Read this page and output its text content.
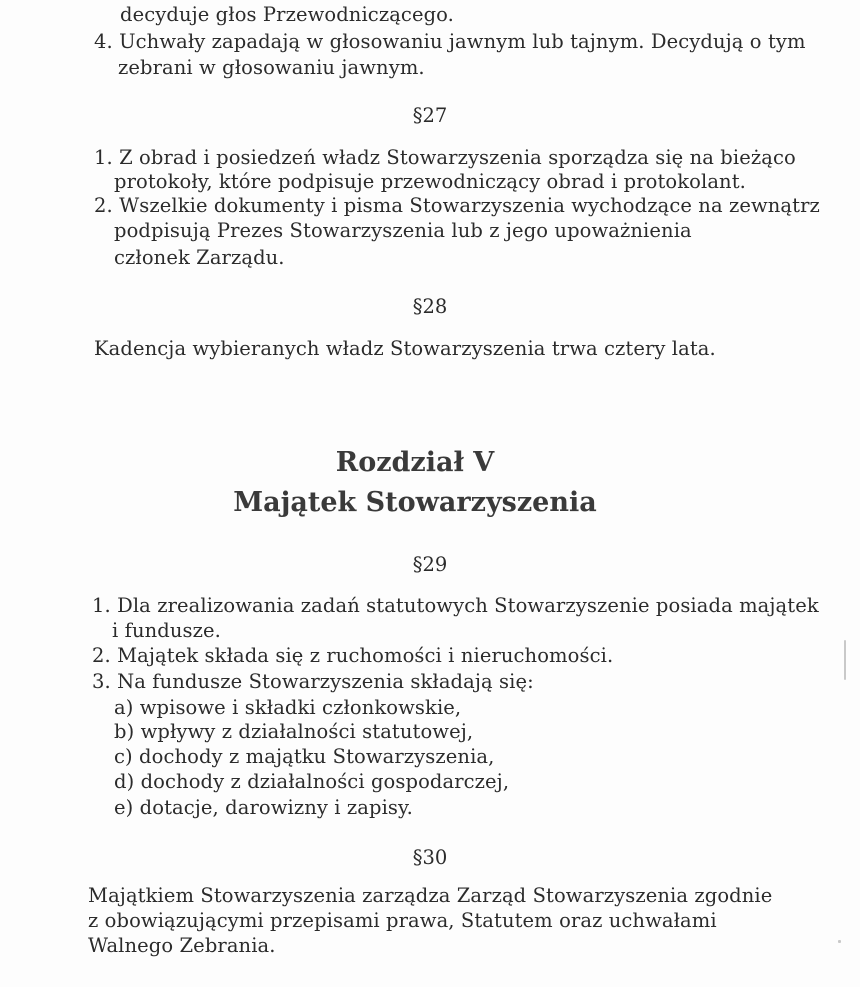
decyduje głos Przewodniczącego.
4. Uchwały zapadają w głosowaniu jawnym lub tajnym. Decydują o tym
zebrani w głosowaniu jawnym.
§27
1. Z obrad i posiedzeń władz Stowarzyszenia sporządza się na bieżąco
protokoły, które podpisuje przewodniczący obrad i protokolant.
2. Wszelkie dokumenty i pisma Stowarzyszenia wychodzące na zewnątrz
podpisują Prezes Stowarzyszenia lub z jego upoważnienia
członek Zarządu.
§28
Kadencja wybieranych władz Stowarzyszenia trwa cztery lata.
Rozdział V
Majątek Stowarzyszenia
§29
1. Dla zrealizowania zadań statutowych Stowarzyszenie posiada majątek
i fundusze.
2. Majątek składa się z ruchomości i nieruchomości.
3. Na fundusze Stowarzyszenia składają się:
a) wpisowe i składki członkowskie,
b) wpływy z działalności statutowej,
c) dochody z majątku Stowarzyszenia,
d) dochody z działalności gospodarczej,
e) dotacje, darowizny i zapisy.
§30
Majątkiem Stowarzyszenia zarządza Zarząd Stowarzyszenia zgodnie
z obowiązującymi przepisami prawa, Statutem oraz uchwałami
Walnego Zebrania.
